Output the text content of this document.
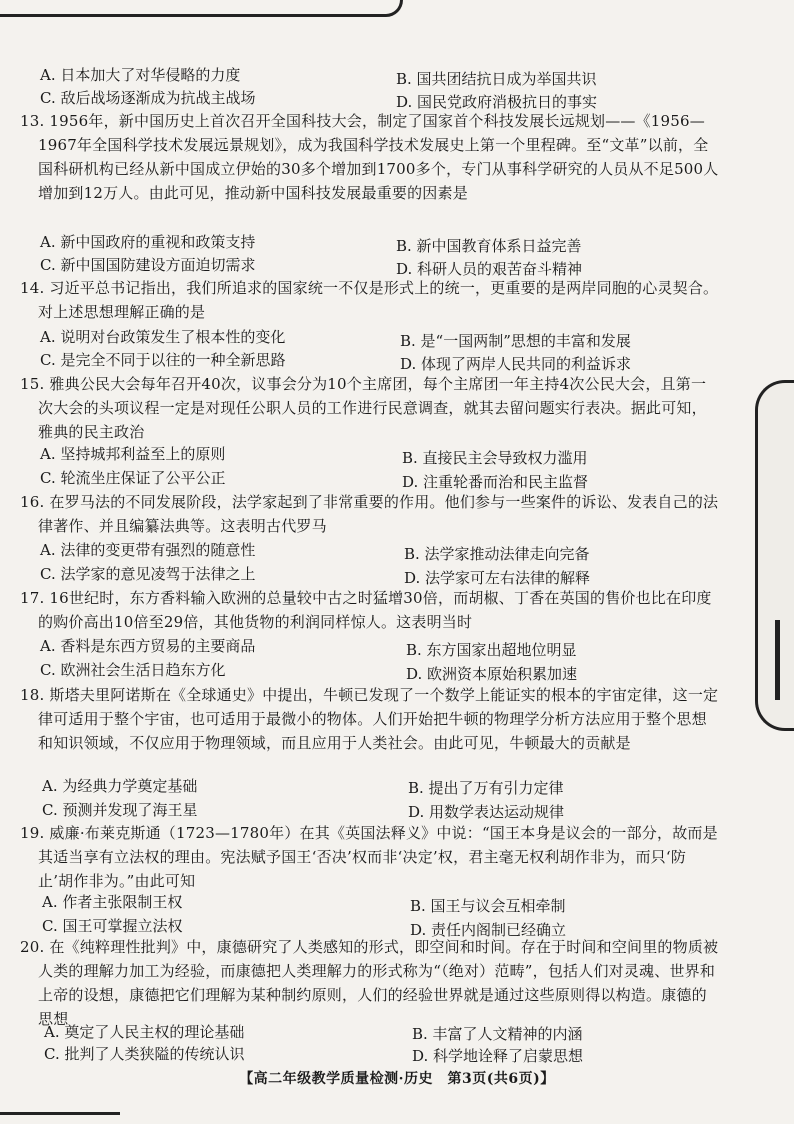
A. 日本加大了对华侵略的力度	B. 国共团结抗日成为举国共识
C. 敌后战场逐渐成为抗战主战场	D. 国民党政府消极抗日的事实
13. 1956年，新中国历史上首次召开全国科技大会，制定了国家首个科技发展长远规划——《1956—1967年全国科学技术发展远景规划》，成为我国科学技术发展史上第一个里程碑。至“文革”以前，全国科研机构已经从新中国成立伊始的30多个增加到1700多个，专门从事科学研究的人员从不足500人增加到12万人。由此可见，推动新中国科技发展最重要的因素是
A. 新中国政府的重视和政策支持	B. 新中国教育体系日益完善
C. 新中国国防建设方面迫切需求	D. 科研人员的艰苦奋斗精神
14. 习近平总书记指出，我们所追求的国家统一不仅是形式上的统一，更重要的是两岸同胞的心灵契合。对上述思想理解正确的是
A. 说明对台政策发生了根本性的变化	B. 是“一国两制”思想的丰富和发展
C. 是完全不同于以往的一种全新思路	D. 体现了两岸人民共同的利益诉求
15. 雅典公民大会每年召开40次，议事会分为10个主席团，每个主席团一年主持4次公民大会，且第一次大会的头项议程一定是对现任公职人员的工作进行民意调查，就其去留问题实行表决。据此可知，雅典的民主政治
A. 坚持城邦利益至上的原则	B. 直接民主会导致权力滥用
C. 轮流坐庄保证了公平公正	D. 注重轮番而治和民主监督
16. 在罗马法的不同发展阶段，法学家起到了非常重要的作用。他们参与一些案件的诉讼、发表自己的法律著作、并且编纂法典等。这表明古代罗马
A. 法律的变更带有强烈的随意性	B. 法学家推动法律走向完备
C. 法学家的意见凌驾于法律之上	D. 法学家可左右法律的解释
17. 16世纪时，东方香料输入欧洲的总量较中古之时猛增30倍，而胡椒、丁香在英国的售价也比在印度的购价高出10倍至29倍，其他货物的利润同样惊人。这表明当时
A. 香料是东西方贸易的主要商品	B. 东方国家出超地位明显
C. 欧洲社会生活日趋东方化	D. 欧洲资本原始积累加速
18. 斯塔夫里阿诺斯在《全球通史》中提出，牛顿已发现了一个数学上能证实的根本的宇宙定律，这一定律可适用于整个宇宙，也可适用于最微小的物体。人们开始把牛顿的物理学分析方法应用于整个思想和知识领域，不仅应用于物理领域，而且应用于人类社会。由此可见，牛顿最大的贡献是
A. 为经典力学奠定基础	B. 提出了万有引力定律
C. 预测并发现了海王星	D. 用数学表达运动规律
19. 威廉·布莱克斯通（1723—1780年）在其《英国法释义》中说：“国王本身是议会的一部分，故而是其适当享有立法权的理由。宪法赋予国王‘否决’权而非‘决定’权，君主毫无权利胡作非为，而只‘防止’胡作非为。”由此可知
A. 作者主张限制王权	B. 国王与议会互相牵制
C. 国王可掌握立法权	D. 责任内阁制已经确立
20. 在《纯粹理性批判》中，康德研究了人类感知的形式，即空间和时间。存在于时间和空间里的物质被人类的理解力加工为经验，而康德把人类理解力的形式称为“（绝对）范畴”，包括人们对灵魂、世界和上帝的设想，康德把它们理解为某种制约原则，人们的经验世界就是通过这些原则得以构造。康德的思想
A. 奠定了人民主权的理论基础	B. 丰富了人文精神的内涵
C. 批判了人类狭隘的传统认识	D. 科学地诠释了启蒙思想
【高二年级教学质量检测·历史　第3页(共6页)】
